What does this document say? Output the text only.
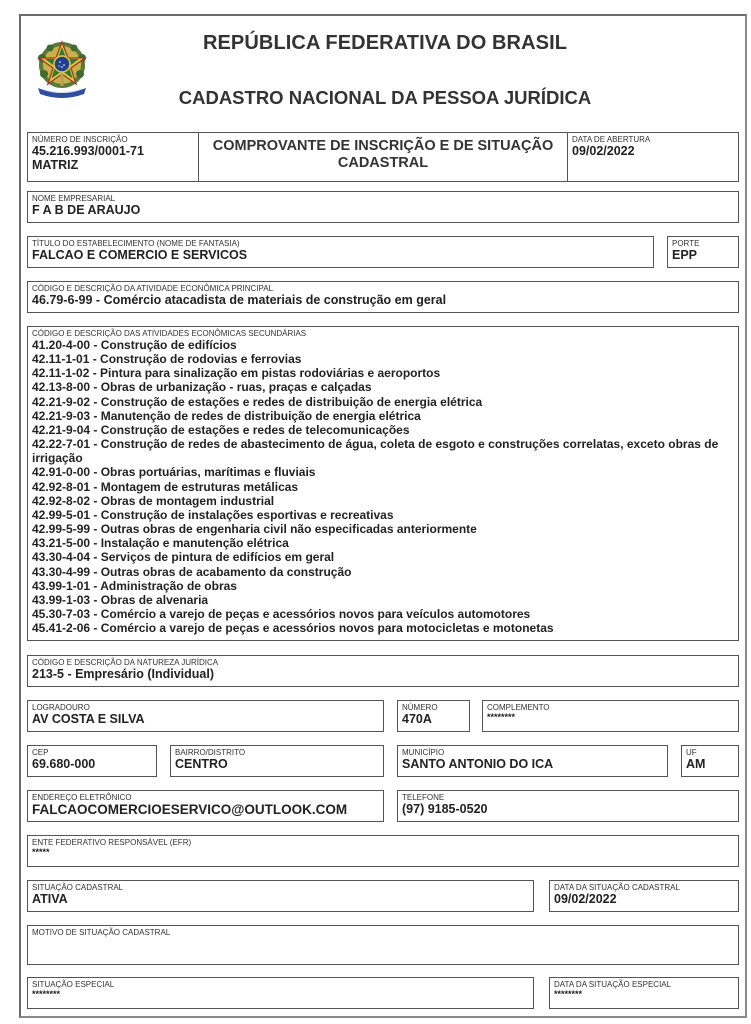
REPÚBLICA FEDERATIVA DO BRASIL
CADASTRO NACIONAL DA PESSOA JURÍDICA
NÚMERO DE INSCRIÇÃO
45.216.993/0001-71
MATRIZ
COMPROVANTE DE INSCRIÇÃO E DE SITUAÇÃO CADASTRAL
DATA DE ABERTURA
09/02/2022
NOME EMPRESARIAL
F A B DE ARAUJO
TÍTULO DO ESTABELECIMENTO (NOME DE FANTASIA)
FALCAO E COMERCIO E SERVICOS
PORTE
EPP
CÓDIGO E DESCRIÇÃO DA ATIVIDADE ECONÔMICA PRINCIPAL
46.79-6-99 - Comércio atacadista de materiais de construção em geral
CÓDIGO E DESCRIÇÃO DAS ATIVIDADES ECONÔMICAS SECUNDÁRIAS
41.20-4-00 - Construção de edifícios
42.11-1-01 - Construção de rodovias e ferrovias
42.11-1-02 - Pintura para sinalização em pistas rodoviárias e aeroportos
42.13-8-00 - Obras de urbanização - ruas, praças e calçadas
42.21-9-02 - Construção de estações e redes de distribuição de energia elétrica
42.21-9-03 - Manutenção de redes de distribuição de energia elétrica
42.21-9-04 - Construção de estações e redes de telecomunicações
42.22-7-01 - Construção de redes de abastecimento de água, coleta de esgoto e construções correlatas, exceto obras de irrigação
42.91-0-00 - Obras portuárias, marítimas e fluviais
42.92-8-01 - Montagem de estruturas metálicas
42.92-8-02 - Obras de montagem industrial
42.99-5-01 - Construção de instalações esportivas e recreativas
42.99-5-99 - Outras obras de engenharia civil não especificadas anteriormente
43.21-5-00 - Instalação e manutenção elétrica
43.30-4-04 - Serviços de pintura de edifícios em geral
43.30-4-99 - Outras obras de acabamento da construção
43.99-1-01 - Administração de obras
43.99-1-03 - Obras de alvenaria
45.30-7-03 - Comércio a varejo de peças e acessórios novos para veículos automotores
45.41-2-06 - Comércio a varejo de peças e acessórios novos para motocicletas e motonetas
CÓDIGO E DESCRIÇÃO DA NATUREZA JURÍDICA
213-5 - Empresário (Individual)
LOGRADOURO
AV COSTA E SILVA
NÚMERO
470A
COMPLEMENTO
********
CEP
69.680-000
BAIRRO/DISTRITO
CENTRO
MUNICÍPIO
SANTO ANTONIO DO ICA
UF
AM
ENDEREÇO ELETRÔNICO
FALCAOCOMERCIOESERVICO@OUTLOOK.COM
TELEFONE
(97) 9185-0520
ENTE FEDERATIVO RESPONSÁVEL (EFR)
*****
SITUAÇÃO CADASTRAL
ATIVA
DATA DA SITUAÇÃO CADASTRAL
09/02/2022
MOTIVO DE SITUAÇÃO CADASTRAL
SITUAÇÃO ESPECIAL
********
DATA DA SITUAÇÃO ESPECIAL
********
